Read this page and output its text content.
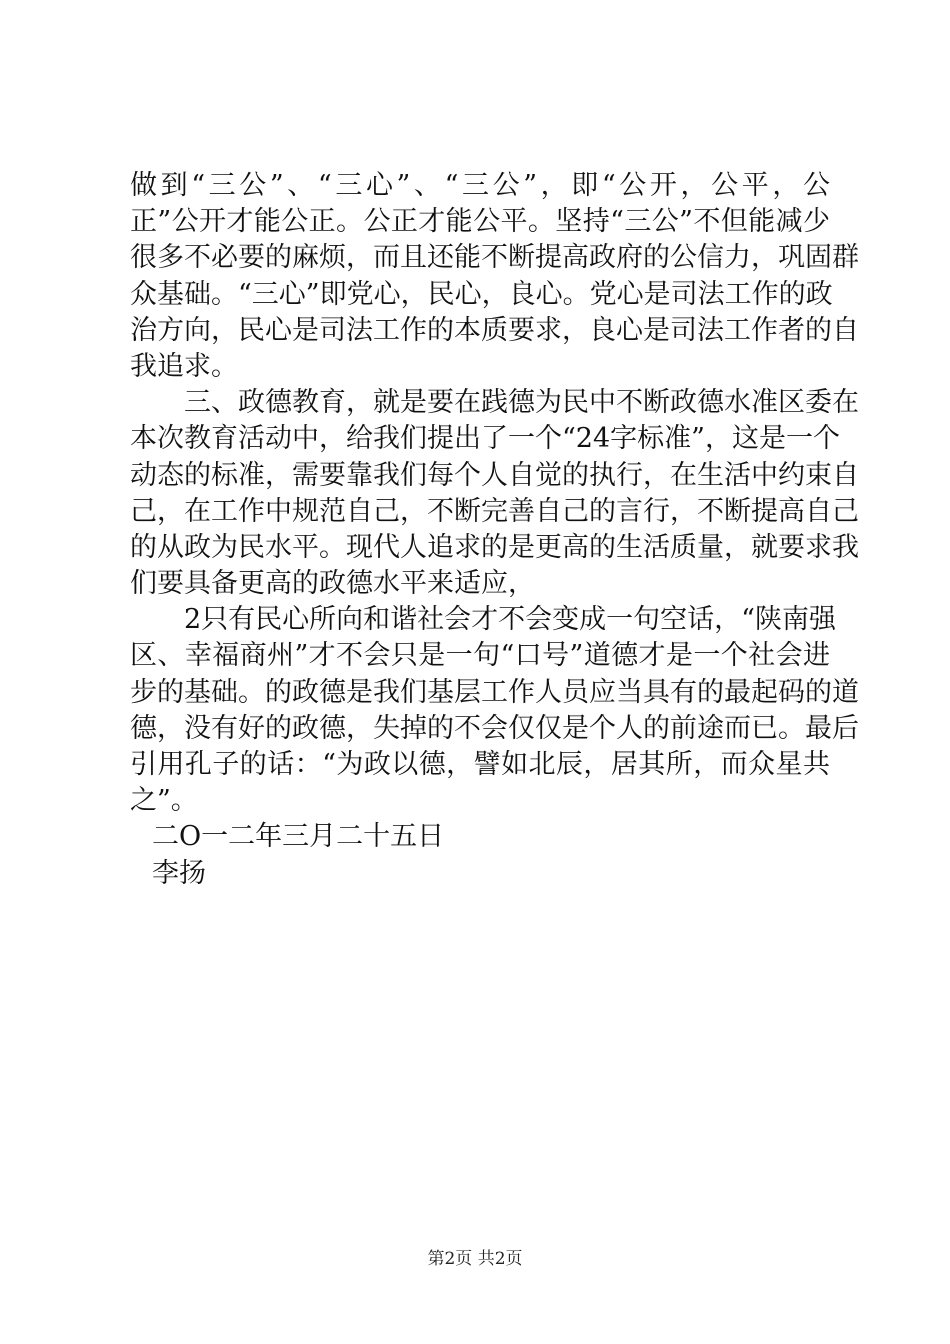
做到“三公”、“三心”、“三公”，即“公开，公平，公
正”公开才能公正。公正才能公平。坚持“三公”不但能减少
很多不必要的麻烦，而且还能不断提高政府的公信力，巩固群
众基础。“三心”即党心，民心，良心。党心是司法工作的政
治方向，民心是司法工作的本质要求，良心是司法工作者的自
我追求。
三、政德教育，就是要在践德为民中不断政德水准区委在
本次教育活动中，给我们提出了一个“24字标准”，这是一个
动态的标准，需要靠我们每个人自觉的执行，在生活中约束自
己，在工作中规范自己，不断完善自己的言行，不断提高自己
的从政为民水平。现代人追求的是更高的生活质量，就要求我
们要具备更高的政德水平来适应，
2只有民心所向和谐社会才不会变成一句空话，“陕南强
区、幸福商州”才不会只是一句“口号”道德才是一个社会进
步的基础。的政德是我们基层工作人员应当具有的最起码的道
德，没有好的政德，失掉的不会仅仅是个人的前途而已。最后
引用孔子的话：“为政以德，譬如北辰，居其所，而众星共
之”。
二O一二年三月二十五日
李扬
第2页 共2页
